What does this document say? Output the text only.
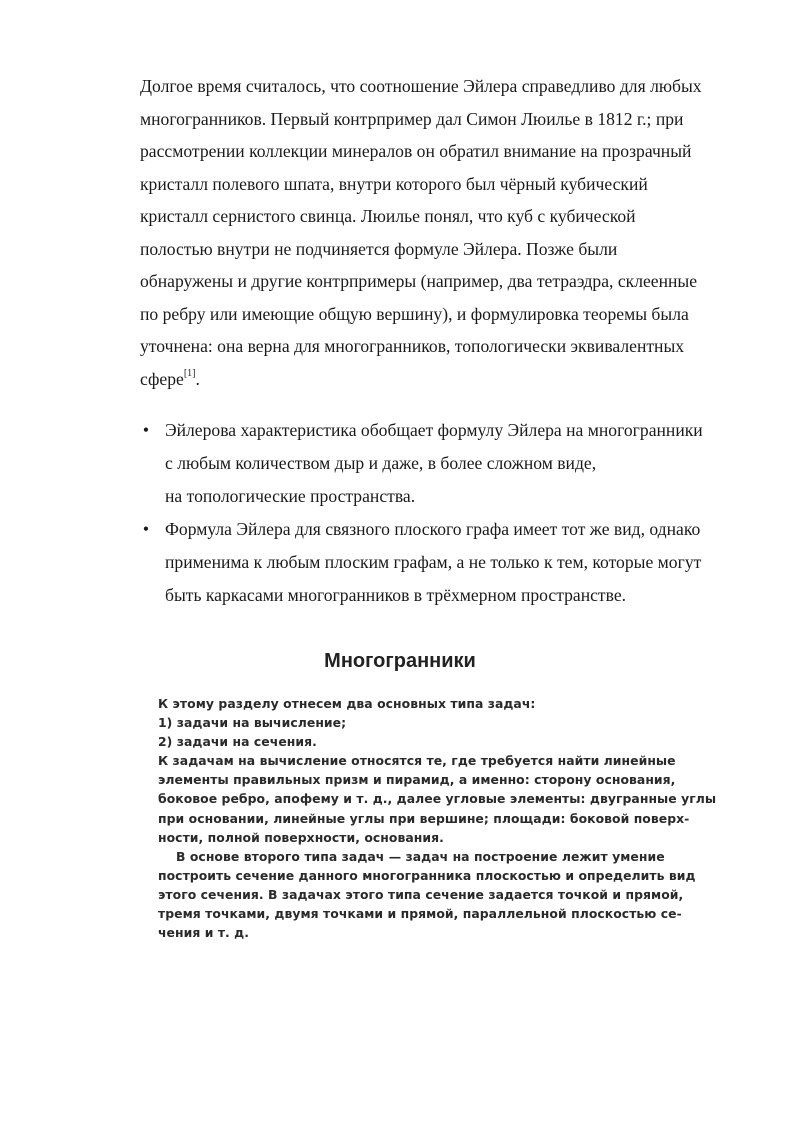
Долгое время считалось, что соотношение Эйлера справедливо для любых
многогранников. Первый контрпример дал Симон Люилье в 1812 г.; при
рассмотрении коллекции минералов он обратил внимание на прозрачный
кристалл полевого шпата, внутри которого был чёрный кубический
кристалл сернистого свинца. Люилье понял, что куб с кубической
полостью внутри не подчиняется формуле Эйлера. Позже были
обнаружены и другие контрпримеры (например, два тетраэдра, склеенные
по ребру или имеющие общую вершину), и формулировка теоремы была
уточнена: она верна для многогранников, топологически эквивалентных
сфере[1].

• Эйлерова характеристика обобщает формулу Эйлера на многогранники
с любым количеством дыр и даже, в более сложном виде,
на топологические пространства.
• Формула Эйлера для связного плоского графа имеет тот же вид, однако
применима к любым плоским графам, а не только к тем, которые могут
быть каркасами многогранников в трёхмерном пространстве.
Многогранники
К этому разделу отнесем два основных типа задач:
1) задачи на вычисление;
2) задачи на сечения.
К задачам на вычисление относятся те, где требуется найти линейные
элементы правильных призм и пирамид, а именно: сторону основания,
боковое ребро, апофему и т. д., далее угловые элементы: двугранные углы
при основании, линейные углы при вершине; площади: боковой поверх-
ности, полной поверхности, основания.
В основе второго типа задач — задач на построение лежит умение
построить сечение данного многогранника плоскостью и определить вид
этого сечения. В задачах этого типа сечение задается точкой и прямой,
тремя точками, двумя точками и прямой, параллельной плоскостью се-
чения и т. д.
